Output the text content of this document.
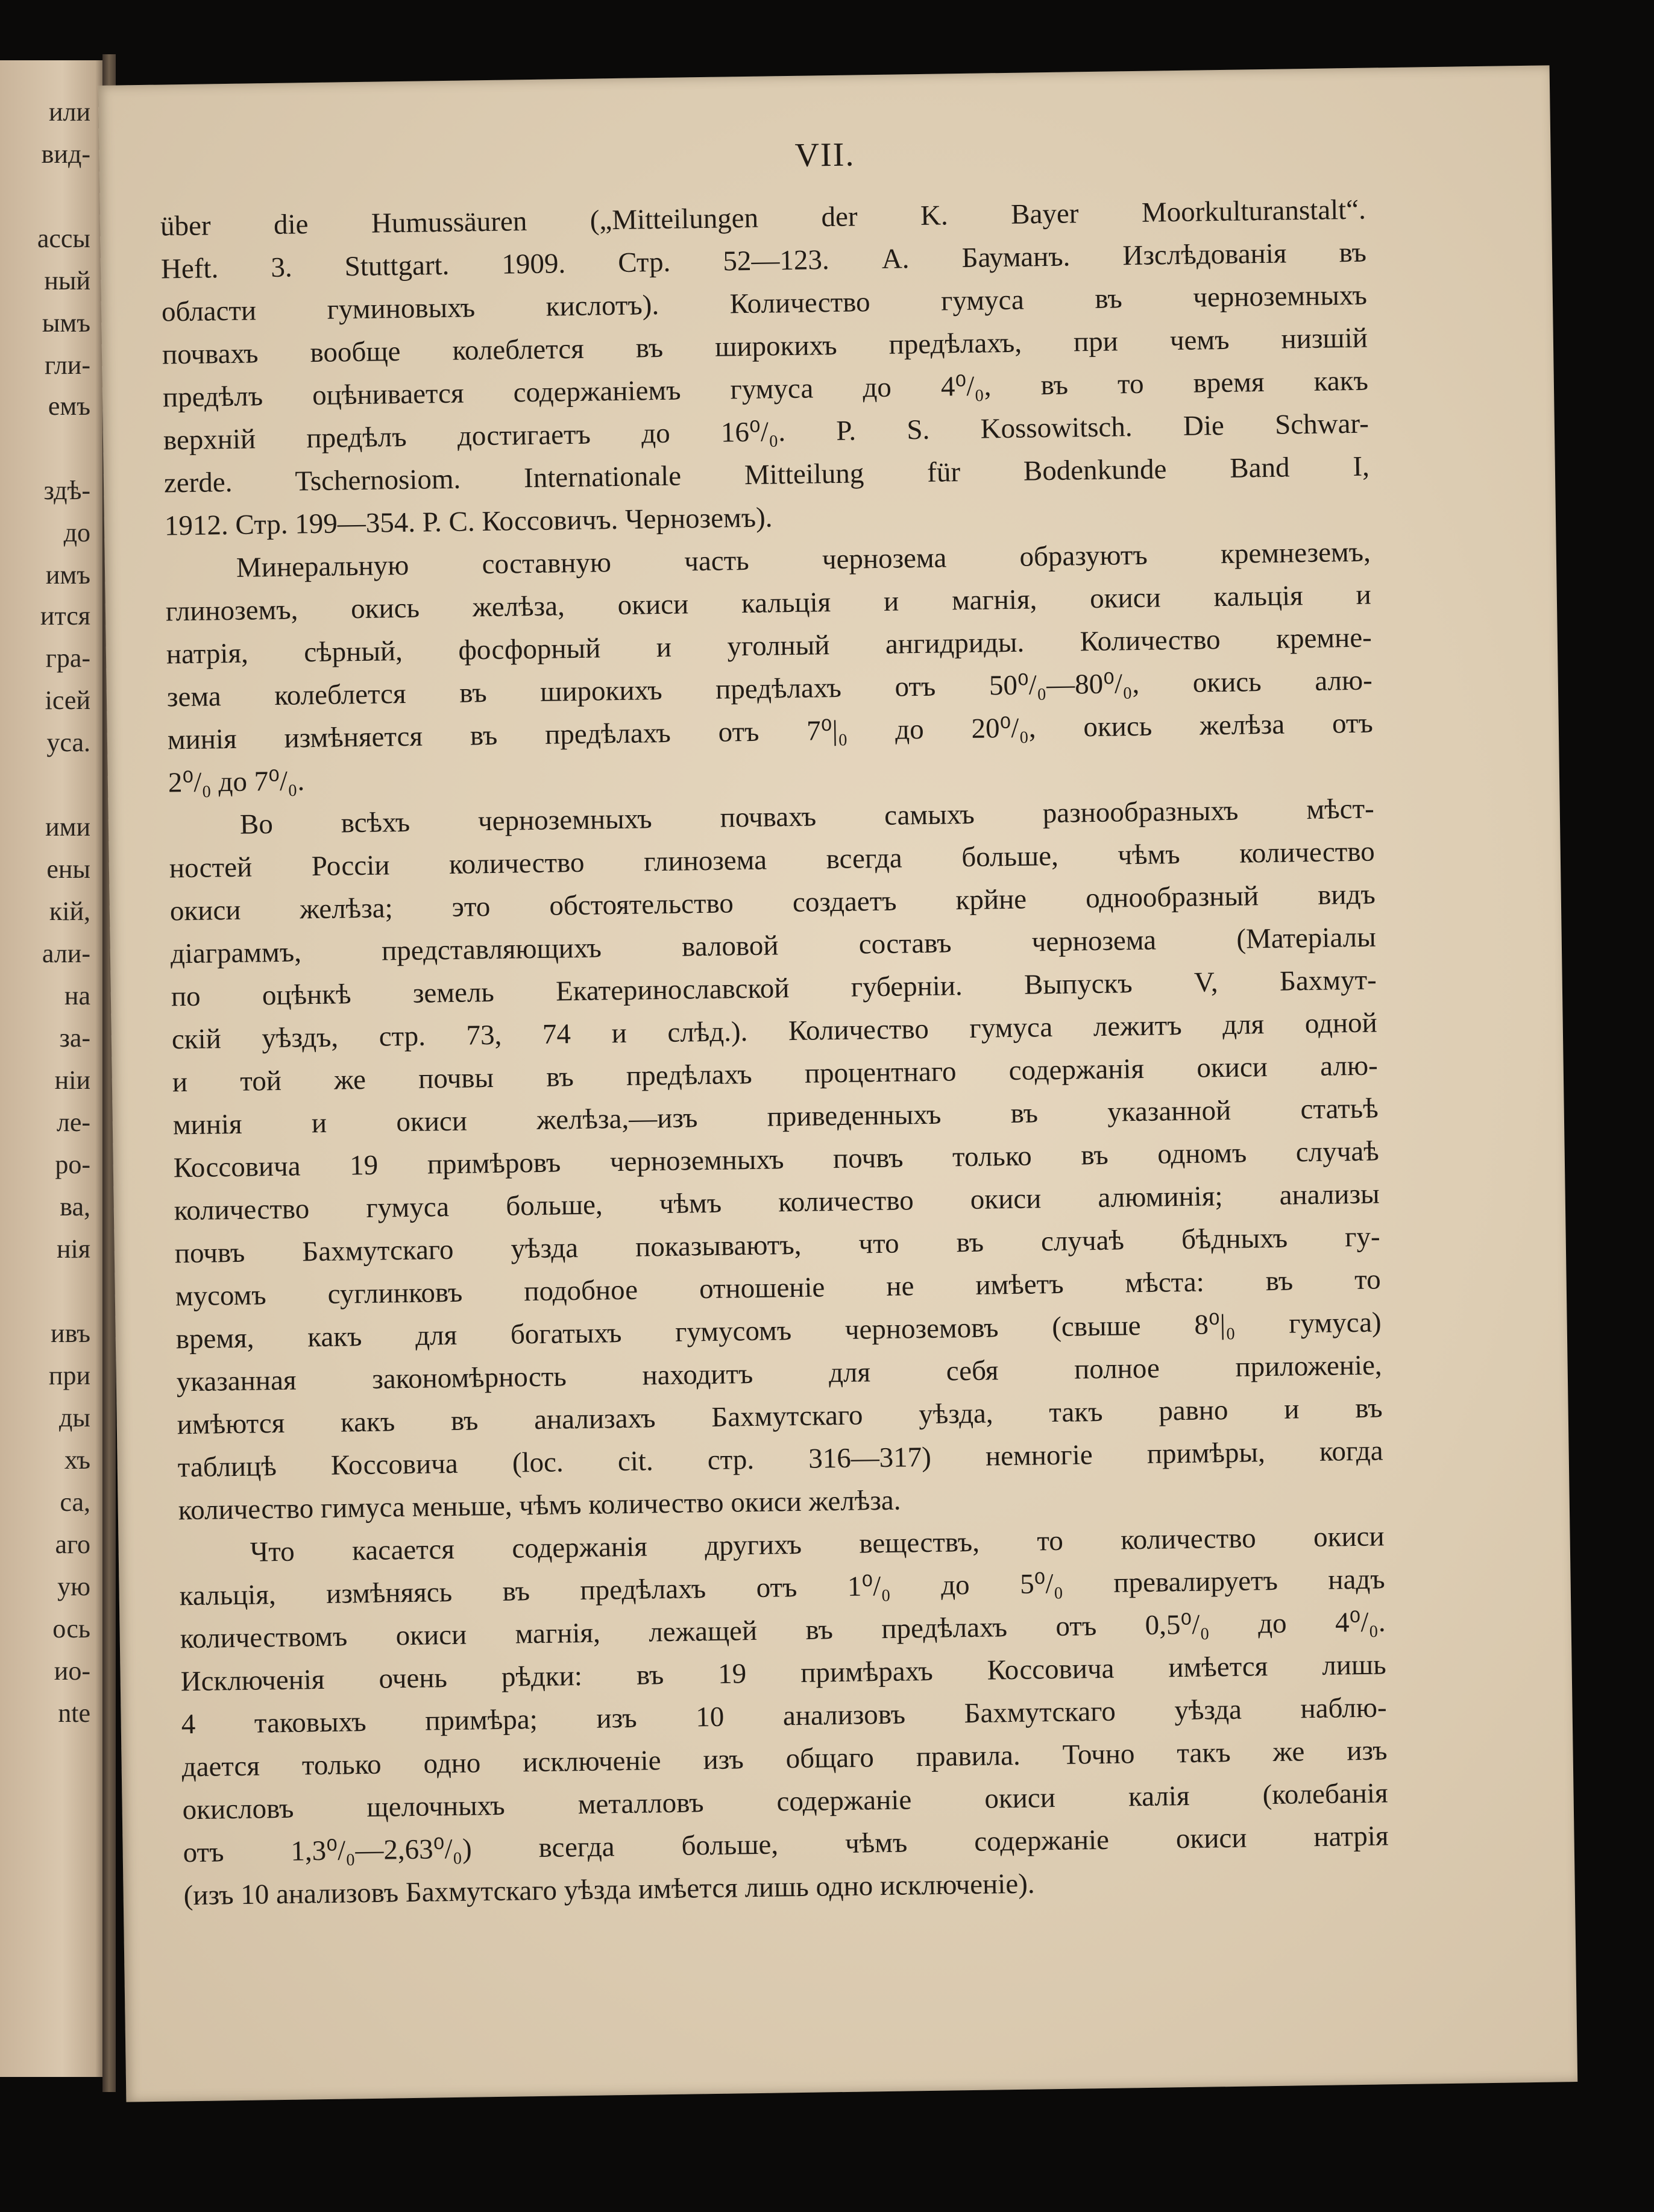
или
вид-
ассы
ный
ымъ
гли-
емъ
здѣ-
до
имъ
ится
гра-
ісей
уса.
ими
ены
кій,
али-
на
за-
ніи
ле-
ро-
ва,
нія
ивъ
при
ды
хъ
са,
аго
ую
ось
ио-
nte
VII.
über die Humussäuren („Mitteilungen der K. Bayer Moorkulturanstalt“.
Heft. 3. Stuttgart. 1909. Стр. 52—123. А. Бауманъ. Изслѣдованія въ
области гуминовыхъ кислотъ). Количество гумуса въ черноземныхъ
почвахъ вообще колеблется въ широкихъ предѣлахъ, при чемъ низшій
предѣлъ оцѣнивается содержаніемъ гумуса до 4⁰/₀, въ то время какъ
верхній предѣлъ достигаетъ до 16⁰/₀. P. S. Kossowitsch. Die Schwar-
zerde. Tschernosiom. Internationale Mitteilung für Bodenkunde Band I,
1912. Стр. 199—354. Р. С. Коссовичъ. Черноземъ).
Минеральную составную часть чернозема образуютъ кремнеземъ,
глиноземъ, окись желѣза, окиси кальція и магнія, окиси кальція и
натрія, сѣрный, фосфорный и уголный ангидриды. Количество кремне-
зема колеблется въ широкихъ предѣлахъ отъ 50⁰/₀—80⁰/₀, окись алю-
минія измѣняется въ предѣлахъ отъ 7⁰|₀ до 20⁰/₀, окись желѣза отъ
2⁰/₀ до 7⁰/₀.
Во всѣхъ черноземныхъ почвахъ самыхъ разнообразныхъ мѣст-
ностей Россіи количество глинозема всегда больше, чѣмъ количество
окиси желѣза; это обстоятельство создаетъ крйне однообразный видъ
діаграммъ, представляющихъ валовой составъ чернозема (Матеріалы
по оцѣнкѣ земель Екатеринославской губерніи. Выпускъ V, Бахмут-
скій уѣздъ, стр. 73, 74 и слѣд.). Количество гумуса лежитъ для одной
и той же почвы въ предѣлахъ процентнаго содержанія окиси алю-
минія и окиси желѣза,—изъ приведенныхъ въ указанной статьѣ
Коссовича 19 примѣровъ черноземныхъ почвъ только въ одномъ случаѣ
количество гумуса больше, чѣмъ количество окиси алюминія; анализы
почвъ Бахмутскаго уѣзда показываютъ, что въ случаѣ бѣдныхъ гу-
мусомъ суглинковъ подобное отношеніе не имѣетъ мѣста: въ то
время, какъ для богатыхъ гумусомъ черноземовъ (свыше 8⁰|₀ гумуса)
указанная закономѣрность находитъ для себя полное приложеніе,
имѣются какъ въ анализахъ Бахмутскаго уѣзда, такъ равно и въ
таблицѣ Коссовича (loc. cit. стр. 316—317) немногіе примѣры, когда
количество гимуса меньше, чѣмъ количество окиси желѣза.
Что касается содержанія другихъ веществъ, то количество окиси
кальція, измѣняясь въ предѣлахъ отъ 1⁰/₀ до 5⁰/₀ превалируетъ надъ
количествомъ окиси магнія, лежащей въ предѣлахъ отъ 0,5⁰/₀ до 4⁰/₀.
Исключенія очень рѣдки: въ 19 примѣрахъ Коссовича имѣется лишь
4 таковыхъ примѣра; изъ 10 анализовъ Бахмутскаго уѣзда наблю-
дается только одно исключеніе изъ общаго правила. Точно такъ же изъ
окисловъ щелочныхъ металловъ содержаніе окиси калія (колебанія
отъ 1,3⁰/₀—2,63⁰/₀) всегда больше, чѣмъ содержаніе окиси натрія
(изъ 10 анализовъ Бахмутскаго уѣзда имѣется лишь одно исключеніе).
